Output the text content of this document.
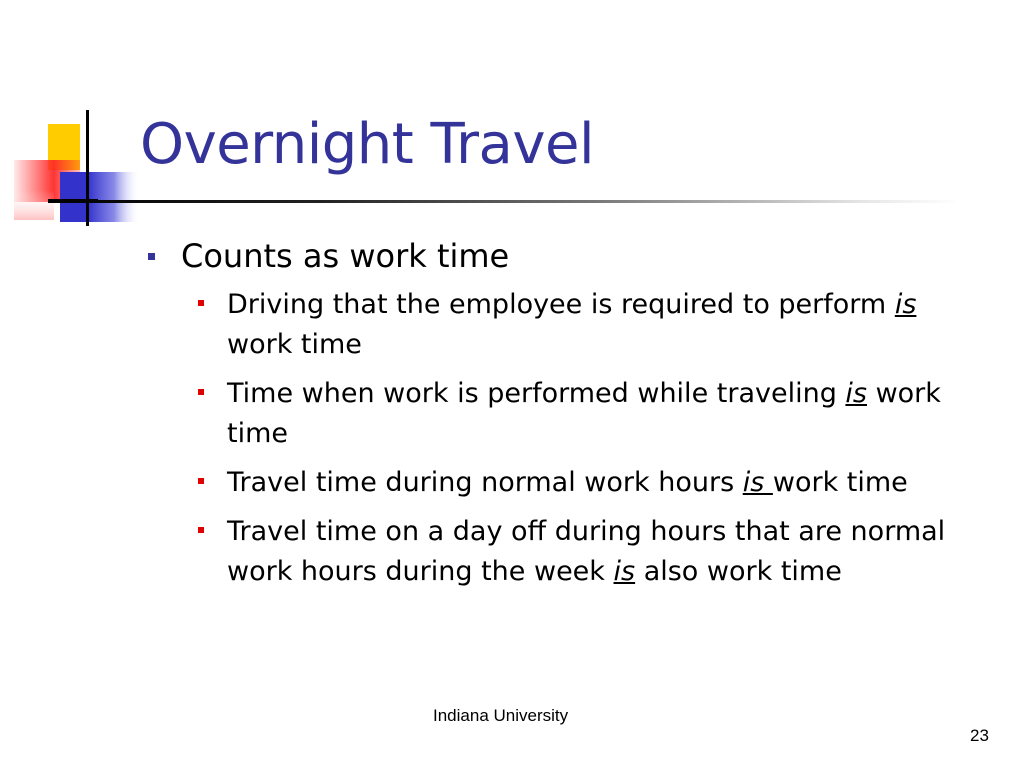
Overnight Travel
Counts as work time
Driving that the employee is required to perform is work time
Time when work is performed while traveling is work time
Travel time during normal work hours is work time
Travel time on a day off during hours that are normal work hours during the week is also work time
Indiana University
23
